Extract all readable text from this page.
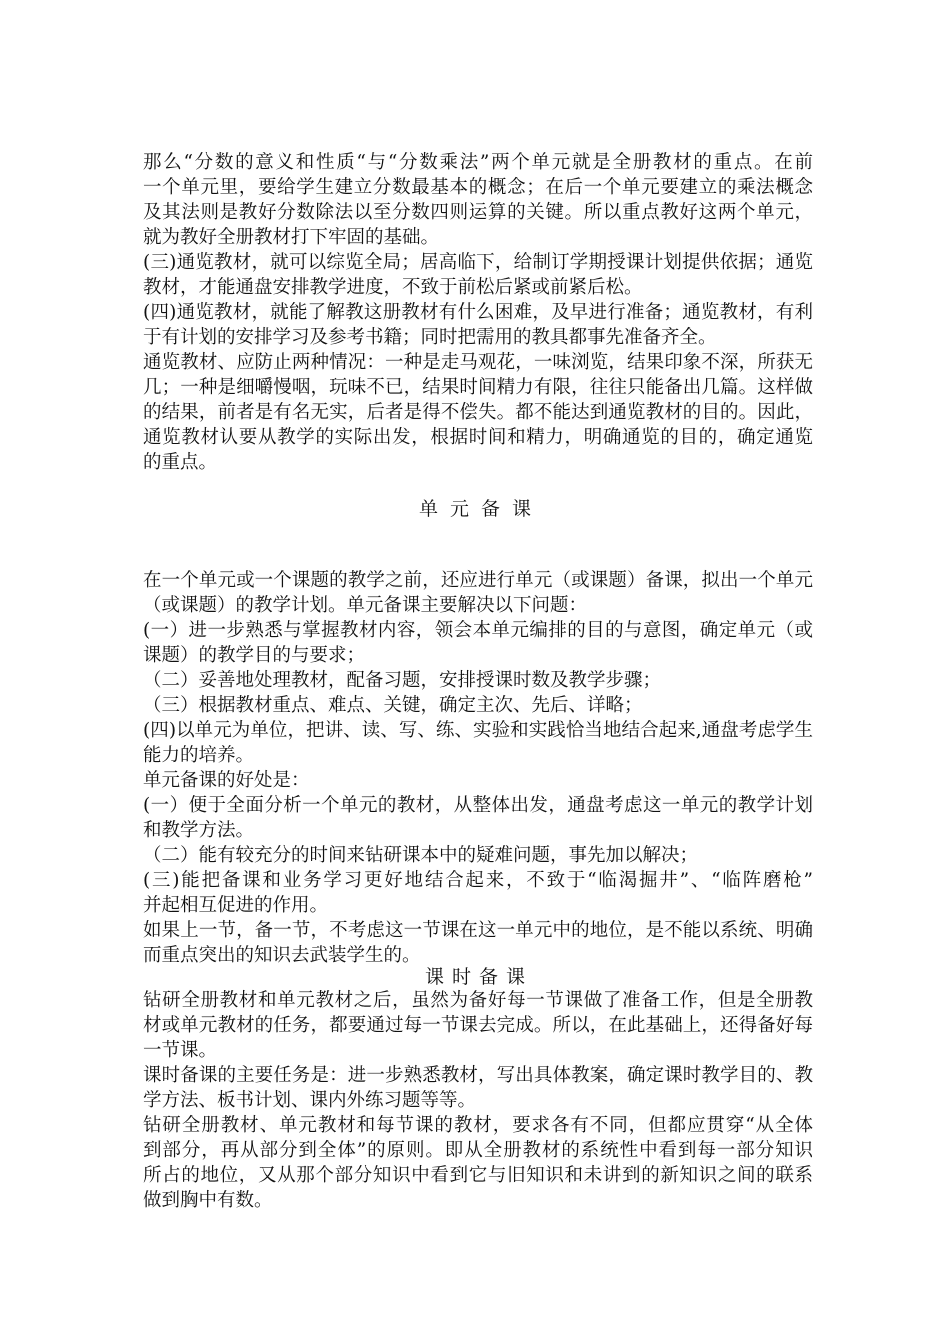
那么“分数的意义和性质“与“分数乘法”两个单元就是全册教材的重点。在前
一个单元里，要给学生建立分数最基本的概念；在后一个单元要建立的乘法概念
及其法则是教好分数除法以至分数四则运算的关键。所以重点教好这两个单元，
就为教好全册教材打下牢固的基础。
(三)通览教材，就可以综览全局；居高临下，给制订学期授课计划提供依据；通览
教材，才能通盘安排教学进度，不致于前松后紧或前紧后松。
(四)通览教材，就能了解教这册教材有什么困难，及早进行准备；通览教材，有利
于有计划的安排学习及参考书籍；同时把需用的教具都事先准备齐全。
通览教材、应防止两种情况：一种是走马观花，一味浏览，结果印象不深，所获无
几；一种是细嚼慢咽，玩味不已，结果时间精力有限，往往只能备出几篇。这样做
的结果，前者是有名无实，后者是得不偿失。都不能达到通览教材的目的。因此，
通览教材认要从教学的实际出发，根据时间和精力，明确通览的目的，确定通览
的重点。
单元备课
在一个单元或一个课题的教学之前，还应进行单元（或课题）备课，拟出一个单元
（或课题）的教学计划。单元备课主要解决以下问题：
(一）进一步熟悉与掌握教材内容，领会本单元编排的目的与意图，确定单元（或
课题）的教学目的与要求；
（二）妥善地处理教材，配备习题，安排授课时数及教学步骤；
（三）根据教材重点、难点、关键，确定主次、先后、详略；
(四)以单元为单位，把讲、读、写、练、实验和实践恰当地结合起来,通盘考虑学生
能力的培养。
单元备课的好处是：
(一）便于全面分析一个单元的教材，从整体出发，通盘考虑这一单元的教学计划
和教学方法。
（二）能有较充分的时间来钻研课本中的疑难问题，事先加以解决；
(三)能把备课和业务学习更好地结合起来，不致于“临渴掘井”、“临阵磨枪”
并起相互促进的作用。
如果上一节，备一节，不考虑这一节课在这一单元中的地位，是不能以系统、明确
而重点突出的知识去武装学生的。
课时备课
钻研全册教材和单元教材之后，虽然为备好每一节课做了准备工作，但是全册教
材或单元教材的任务，都要通过每一节课去完成。所以，在此基础上，还得备好每
一节课。
课时备课的主要任务是：进一步熟悉教材，写出具体教案，确定课时教学目的、教
学方法、板书计划、课内外练习题等等。
钻研全册教材、单元教材和每节课的教材，要求各有不同，但都应贯穿“从全体
到部分，再从部分到全体”的原则。即从全册教材的系统性中看到每一部分知识
所占的地位，又从那个部分知识中看到它与旧知识和未讲到的新知识之间的联系
做到胸中有数。
